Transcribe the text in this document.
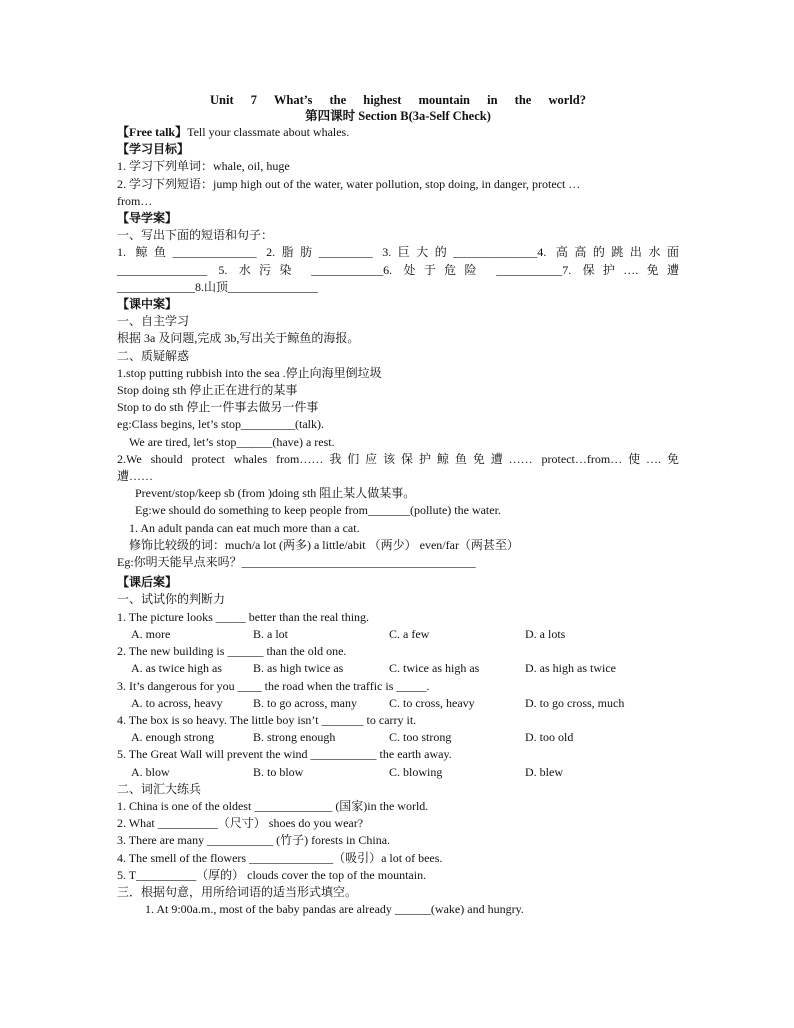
Unit 7 What’s the highest mountain in the world?
第四课时 Section B(3a-Self Check)
【Free talk】Tell your classmate about whales.
【学习目标】
1. 学习下列单词：whale, oil, huge
2. 学习下列短语：jump high out of the water, water pollution, stop doing, in danger, protect …
from…
【导学案】
一、写出下面的短语和句子：
1. 鲸鱼______________ 2.脂肪_________ 3.巨大的______________4. 高高的跳出水面
_______________ 5. 水污染 ____________6. 处于危险 ___________7. 保护….免遭
_____________8.山顶_______________
【课中案】
一、自主学习
根据 3a 及问题,完成 3b,写出关于鲸鱼的海报。
二、质疑解惑
1.stop putting rubbish into the sea .停止向海里倒垃圾
Stop doing sth 停止正在进行的某事
Stop to do sth 停止一件事去做另一件事
eg:Class begins, let’s stop_________(talk).
We are tired, let’s stop______(have) a rest.
2.We should protect whales from……我们应该保护鲸鱼免遭…… protect…from…使….免
遭……
Prevent/stop/keep sb (from )doing sth 阻止某人做某事。
Eg:we should do something to keep people from_______(pollute) the water.
1. An adult panda can eat much more than a cat.
修饰比较级的词：much/a lot (两多) a little/abit （两少） even/far（两甚至）
Eg:你明天能早点来吗？_______________________________________
【课后案】
一、试试你的判断力
1. The picture looks _____ better than the real thing.
A. more	B. a lot	C. a few	D. a lots
2. The new building is ______ than the old one.
A. as twice high as	B. as high twice as	C. twice as high as	D. as high as twice
3. It’s dangerous for you ____ the road when the traffic is _____.
A. to across, heavy	B. to go across, many	C. to cross, heavy	D. to go cross, much
4. The box is so heavy. The little boy isn’t _______ to carry it.
A. enough strong	B. strong enough	C. too strong	D. too old
5. The Great Wall will prevent the wind ___________ the earth away.
A. blow	B. to blow	C. blowing	D. blew
二、词汇大练兵
1. China is one of the oldest _____________ (国家)in the world.
2. What __________（尺寸） shoes do you wear?
3. There are many ___________ (竹子) forests in China.
4. The smell of the flowers ______________（吸引）a lot of bees.
5. T__________（厚的） clouds cover the top of the mountain.
三．根据句意，用所给词语的适当形式填空。
1. At 9:00a.m., most of the baby pandas are already ______(wake) and hungry.
